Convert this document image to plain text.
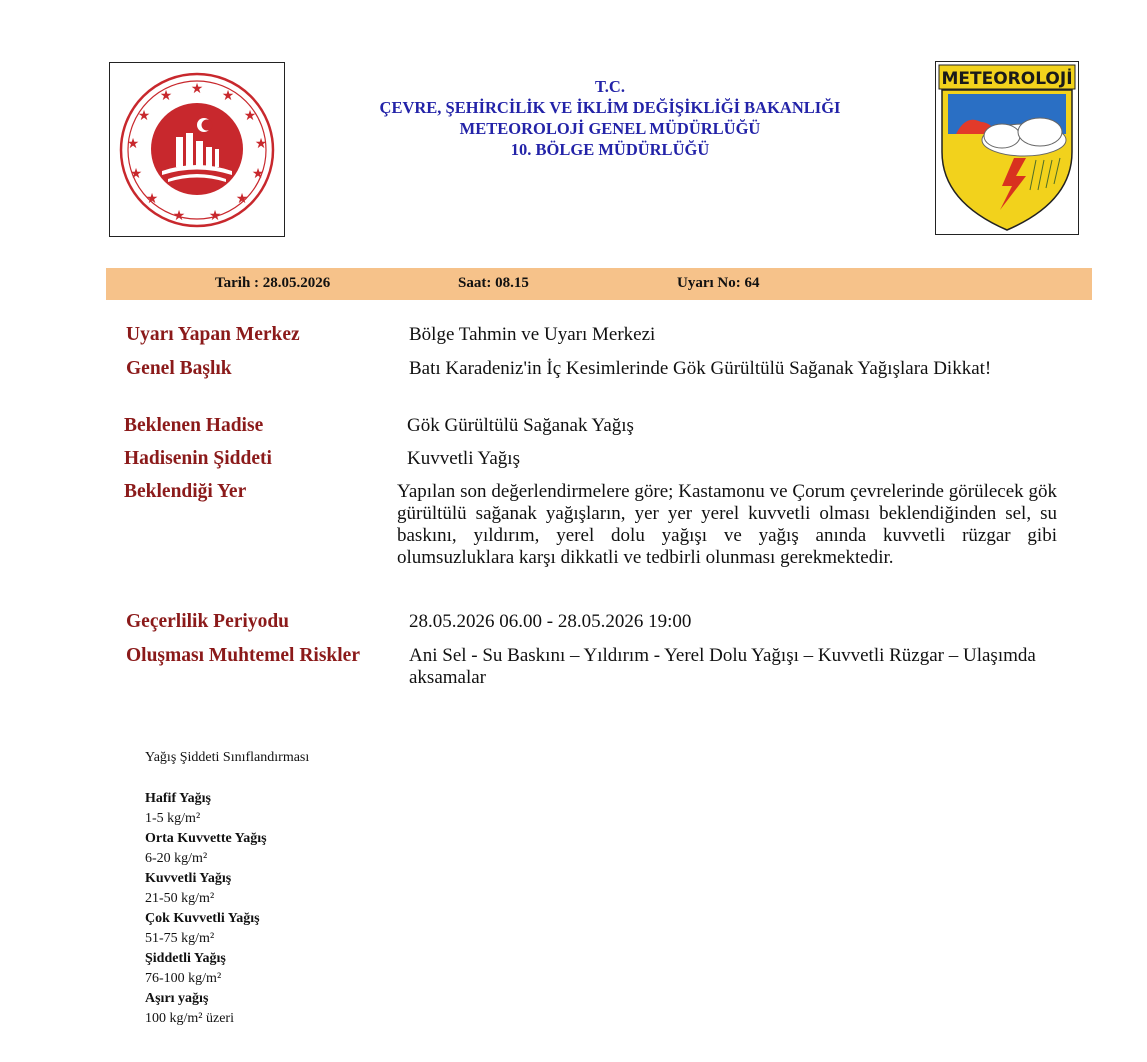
★ ★
★
★
★
★
★
★
★
★
★
★
★	T.C.
ÇEVRE, ŞEHİRCİLİK VE İKLİM DEĞİŞİKLİĞİ BAKANLIĞI
METEOROLOJİ GENEL MÜDÜRLÜĞÜ
10. BÖLGE MÜDÜRLÜĞÜ
METEOROLOJİ
Tarih : 28.05.2026	Saat: 08.15	Uyarı No: 64
Uyarı Yapan Merkez	Bölge Tahmin ve Uyarı Merkezi
Genel Başlık	Batı Karadeniz'in İç Kesimlerinde Gök Gürültülü Sağanak Yağışlara Dikkat!
Beklenen Hadise	Gök Gürültülü Sağanak Yağış
Hadisenin Şiddeti	Kuvvetli Yağış
Beklendiği Yer	Yapılan son değerlendirmelere göre; Kastamonu ve Çorum çevrelerinde görülecek gök gürültülü sağanak yağışların, yer yer yerel kuvvetli olması beklendiğinden sel, su baskını, yıldırım, yerel dolu yağışı ve yağış anında kuvvetli rüzgar gibi olumsuzluklara karşı dikkatli ve tedbirli olunması gerekmektedir.
Geçerlilik Periyodu	28.05.2026 06.00 - 28.05.2026 19:00
Oluşması Muhtemel Riskler	Ani Sel - Su Baskını – Yıldırım - Yerel Dolu Yağışı – Kuvvetli Rüzgar – Ulaşımda aksamalar
Yağış Şiddeti Sınıflandırması
Hafif Yağış
1-5 kg/m²
Orta Kuvvette Yağış
6-20 kg/m²
Kuvvetli Yağış
21-50 kg/m²
Çok Kuvvetli Yağış
51-75 kg/m²
Şiddetli Yağış
76-100 kg/m²
Aşırı yağış
100 kg/m² üzeri
